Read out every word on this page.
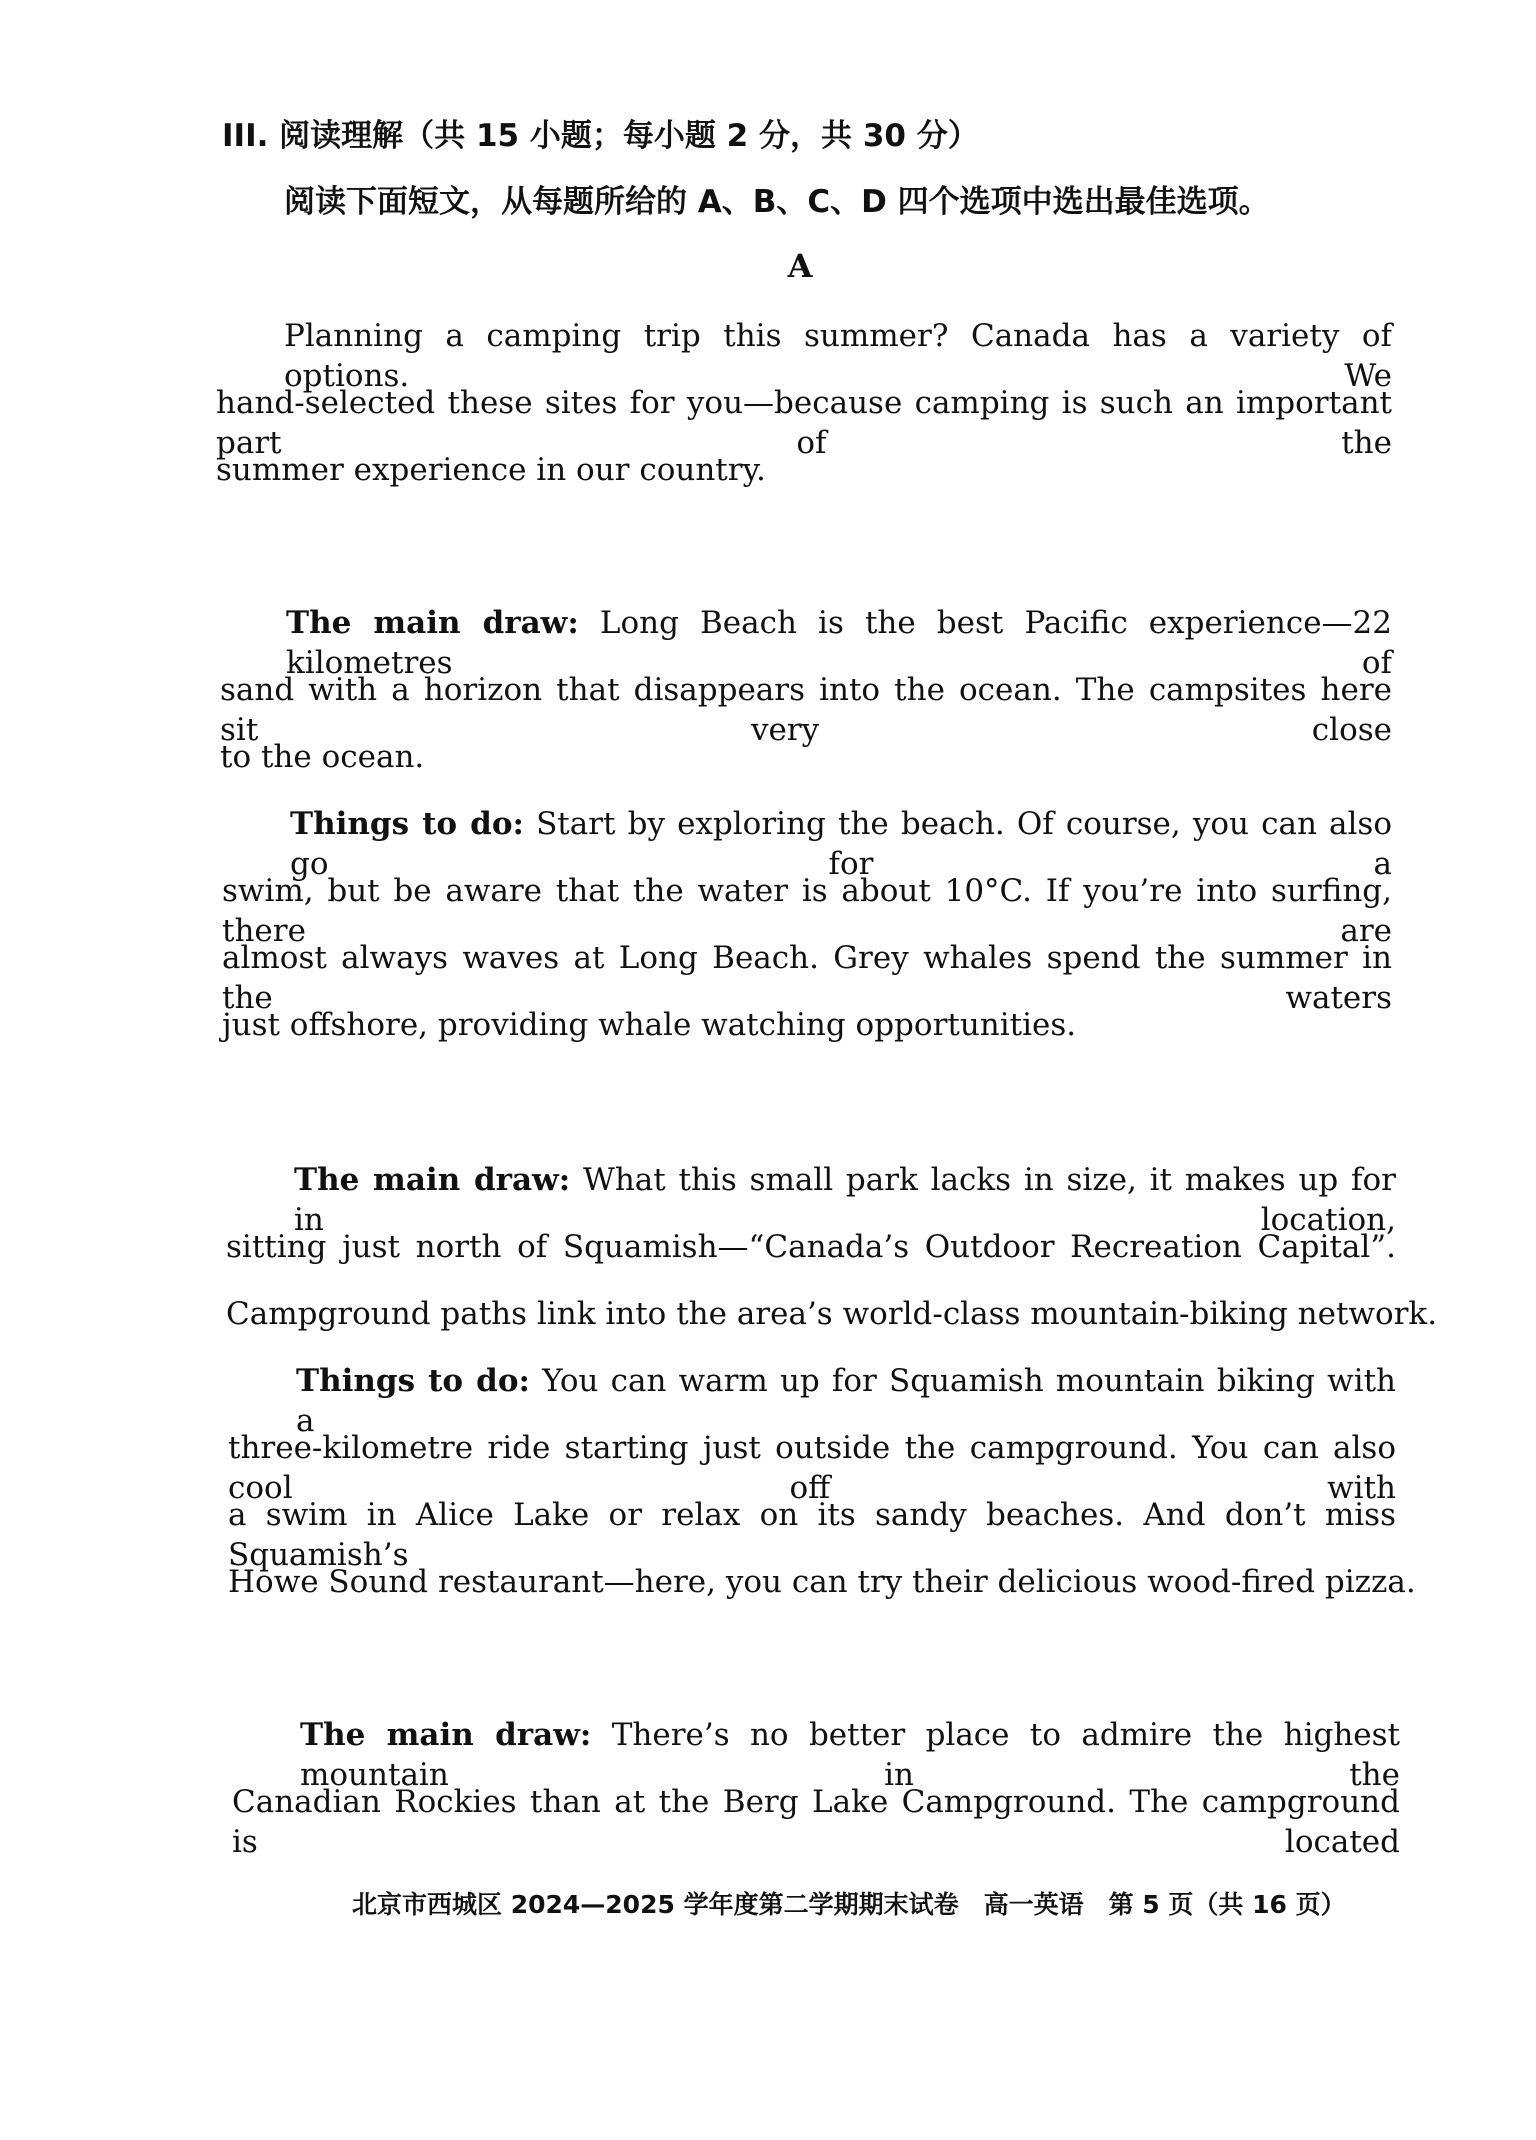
III. 阅读理解（共 15 小题；每小题 2 分，共 30 分）
阅读下面短文，从每题所给的 A、B、C、D 四个选项中选出最佳选项。
A
Planning a camping trip this summer? Canada has a variety of options. We
hand-selected these sites for you—because camping is such an important part of the
summer experience in our country.
The main draw: Long Beach is the best Pacific experience—22 kilometres of
sand with a horizon that disappears into the ocean. The campsites here sit very close
to the ocean.
Things to do: Start by exploring the beach. Of course, you can also go for a
swim, but be aware that the water is about 10°C. If you’re into surfing, there are
almost always waves at Long Beach. Grey whales spend the summer in the waters
just offshore, providing whale watching opportunities.
The main draw: What this small park lacks in size, it makes up for in location,
sitting just north of Squamish—“Canada’s Outdoor Recreation Capital”.
Campground paths link into the area’s world-class mountain-biking network.
Things to do: You can warm up for Squamish mountain biking with a
three-kilometre ride starting just outside the campground. You can also cool off with
a swim in Alice Lake or relax on its sandy beaches. And don’t miss Squamish’s
Howe Sound restaurant—here, you can try their delicious wood-fired pizza.
The main draw: There’s no better place to admire the highest mountain in the
Canadian Rockies than at the Berg Lake Campground. The campground is located
北京市西城区 2024—2025 学年度第二学期期末试卷　高一英语　第 5 页（共 16 页）
